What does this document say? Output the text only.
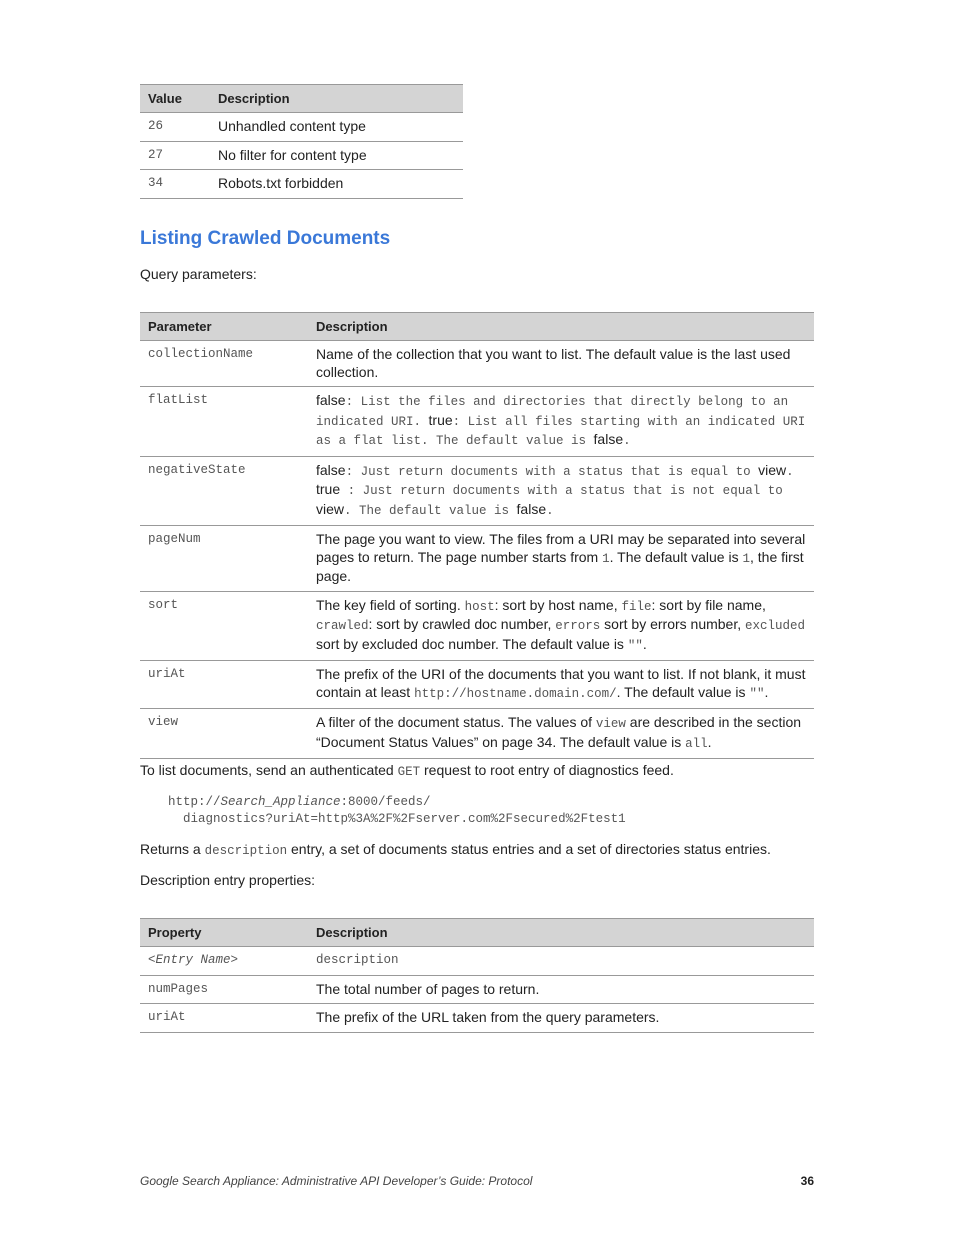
Value	Description
26	Unhandled content type
27	No filter for content type
34	Robots.txt forbidden
Listing Crawled Documents

Query parameters:

Parameter	Description
collectionName	Name of the collection that you want to list. The default value is the last used collection.
flatList	false: List the files and directories that directly belong to an indicated URI. true: List all files starting with an indicated URI as a flat list. The default value is false.
negativeState	false: Just return documents with a status that is equal to view. true : Just return documents with a status that is not equal to view. The default value is false.
pageNum	The page you want to view. The files from a URI may be separated into several pages to return. The page number starts from 1. The default value is 1, the first page.
sort	The key field of sorting. host: sort by host name, file: sort by file name, crawled: sort by crawled doc number, errors sort by errors number, excluded sort by excluded doc number. The default value is "".
uriAt	The prefix of the URI of the documents that you want to list. If not blank, it must contain at least http://hostname.domain.com/. The default value is "".
view	A filter of the document status. The values of view are described in the section “Document Status Values” on page 34. The default value is all.

To list documents, send an authenticated GET request to root entry of diagnostics feed.

http://Search_Appliance:8000/feeds/
diagnostics?uriAt=http%3A%2F%2Fserver.com%2Fsecured%2Ftest1

Returns a description entry, a set of documents status entries and a set of directories status entries.

Description entry properties:

Property	Description
<Entry Name>	description
numPages	The total number of pages to return.
uriAt	The prefix of the URL taken from the query parameters.
Google Search Appliance: Administrative API Developer’s Guide: Protocol	36
